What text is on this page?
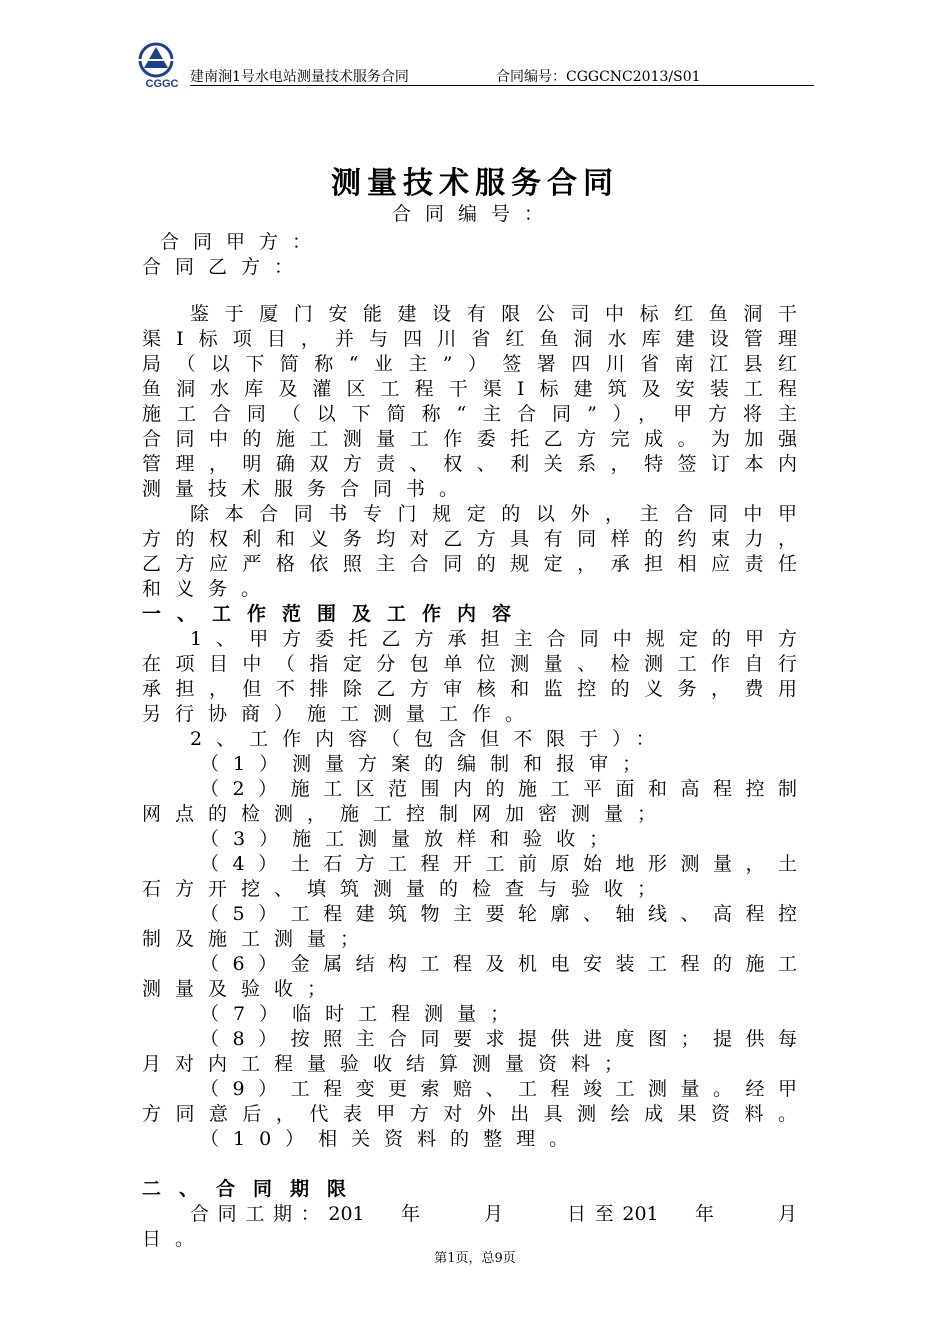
CGGC 建南涧1号水电站测量技术服务合同	合同编号：CGGCNC2013/S01
测量技术服务合同
合同编号：
合同甲方：
合同乙方：
鉴于厦门安能建设有限公司中标红鱼洞干
渠Ⅰ标项目，并与四川省红鱼洞水库建设管理
局（以下简称“业主”）签署四川省南江县红
鱼洞水库及灌区工程干渠Ⅰ标建筑及安装工程
施工合同（以下简称“主合同”），甲方将主
合同中的施工测量工作委托乙方完成。为加强
管理，明确双方责、权、利关系，特签订本内
测量技术服务合同书。
除本合同书专门规定的以外，主合同中甲
方的权利和义务均对乙方具有同样的约束力，
乙方应严格依照主合同的规定，承担相应责任
和义务。
一、工作范围及工作内容
1、甲方委托乙方承担主合同中规定的甲方
在项目中（指定分包单位测量、检测工作自行
承担，但不排除乙方审核和监控的义务，费用
另行协商）施工测量工作。
2、工作内容（包含但不限于）：
（1）测量方案的编制和报审；
（2）施工区范围内的施工平面和高程控制
网点的检测，施工控制网加密测量；
（3）施工测量放样和验收；
（4）土石方工程开工前原始地形测量，土
石方开挖、填筑测量的检查与验收；
（5）工程建筑物主要轮廓、轴线、高程控
制及施工测量；
（6）金属结构工程及机电安装工程的施工
测量及验收；
（7）临时工程测量；
（8）按照主合同要求提供进度图；提供每
月对内工程量验收结算测量资料；
（9）工程变更索赔、工程竣工测量。经甲
方同意后，代表甲方对外出具测绘成果资料。
（10）相关资料的整理。
二、合同期限
合同工期：201　年　　月　　日至201　年　　月
日。
第1页，总9页
